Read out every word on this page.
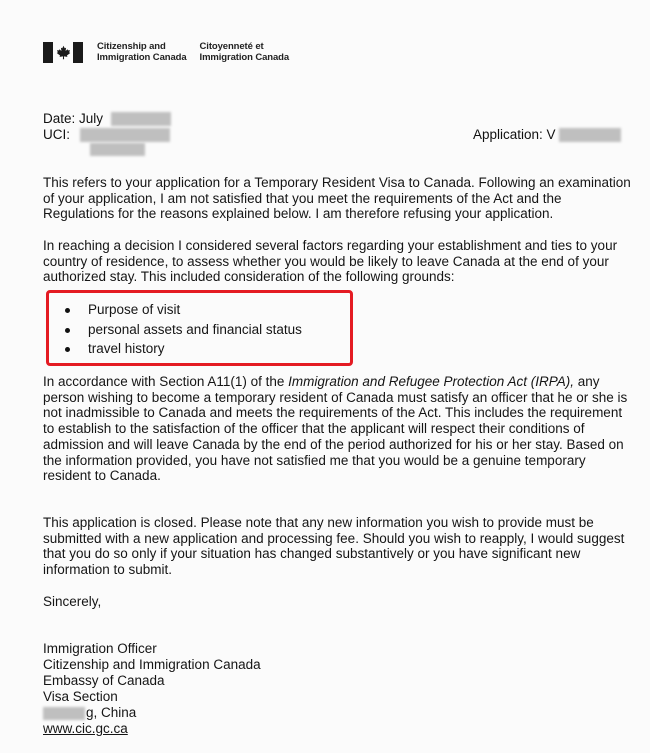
Citizenship and
Immigration Canada
Citoyenneté et
Immigration Canada
Date: July
UCI:	Application: V
This refers to your application for a Temporary Resident Visa to Canada. Following an examination of your application, I am not satisfied that you meet the requirements of the Act and the Regulations for the reasons explained below. I am therefore refusing your application.
In reaching a decision I considered several factors regarding your establishment and ties to your country of residence, to assess whether you would be likely to leave Canada at the end of your authorized stay. This included consideration of the following grounds:
Purpose of visit
personal assets and financial status
travel history
In accordance with Section A11(1) of the Immigration and Refugee Protection Act (IRPA), any person wishing to become a temporary resident of Canada must satisfy an officer that he or she is not inadmissible to Canada and meets the requirements of the Act. This includes the requirement to establish to the satisfaction of the officer that the applicant will respect their conditions of admission and will leave Canada by the end of the period authorized for his or her stay. Based on the information provided, you have not satisfied me that you would be a genuine temporary resident to Canada.
This application is closed. Please note that any new information you wish to provide must be submitted with a new application and processing fee. Should you wish to reapply, I would suggest that you do so only if your situation has changed substantively or you have significant new information to submit.
Sincerely,
Immigration Officer
Citizenship and Immigration Canada
Embassy of Canada
Visa Section
g, China
www.cic.gc.ca
